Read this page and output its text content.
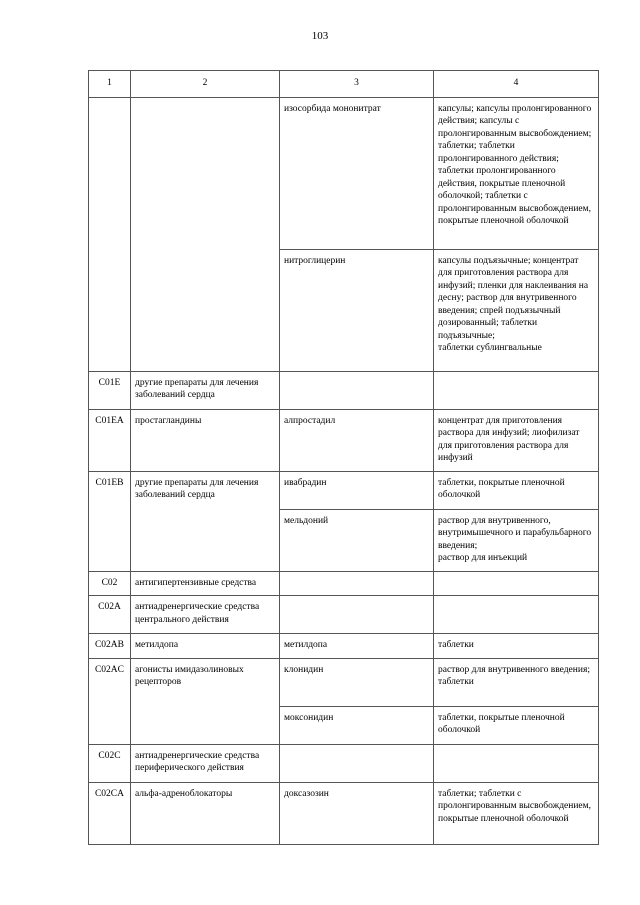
103
1	2	3	4
		изосорбида мононитрат	капсулы; капсулы пролонгированного действия; капсулы с пролонгированным высвобождением; таблетки; таблетки пролонгированного действия; таблетки пролонгированного действия, покрытые пленочной оболочкой; таблетки с пролонгированным высвобождением, покрытые пленочной оболочкой
		нитроглицерин	капсулы подъязычные; концентрат для приготовления раствора для инфузий; пленки для наклеивания на десну; раствор для внутривенного введения; спрей подъязычный дозированный; таблетки подъязычные;
таблетки сублингвальные
C01E	другие препараты для лечения заболеваний сердца		
C01EA	простагландины	алпростадил	концентрат для приготовления раствора для инфузий; лиофилизат для приготовления раствора для инфузий
C01EB	другие препараты для лечения заболеваний сердца	ивабрадин	таблетки, покрытые пленочной оболочкой
		мельдоний	раствор для внутривенного, внутримышечного и парабульбарного введения;
раствор для инъекций
C02	антигипертензивные средства		
C02A	антиадренергические средства центрального действия		
C02AB	метилдопа	метилдопа	таблетки
C02AC	агонисты имидазолиновых рецепторов	клонидин	раствор для внутривенного введения;
таблетки
		моксонидин	таблетки, покрытые пленочной оболочкой
C02C	антиадренергические средства периферического действия		
C02CA	альфа-адреноблокаторы	доксазозин	таблетки; таблетки с пролонгированным высвобождением, покрытые пленочной оболочкой
